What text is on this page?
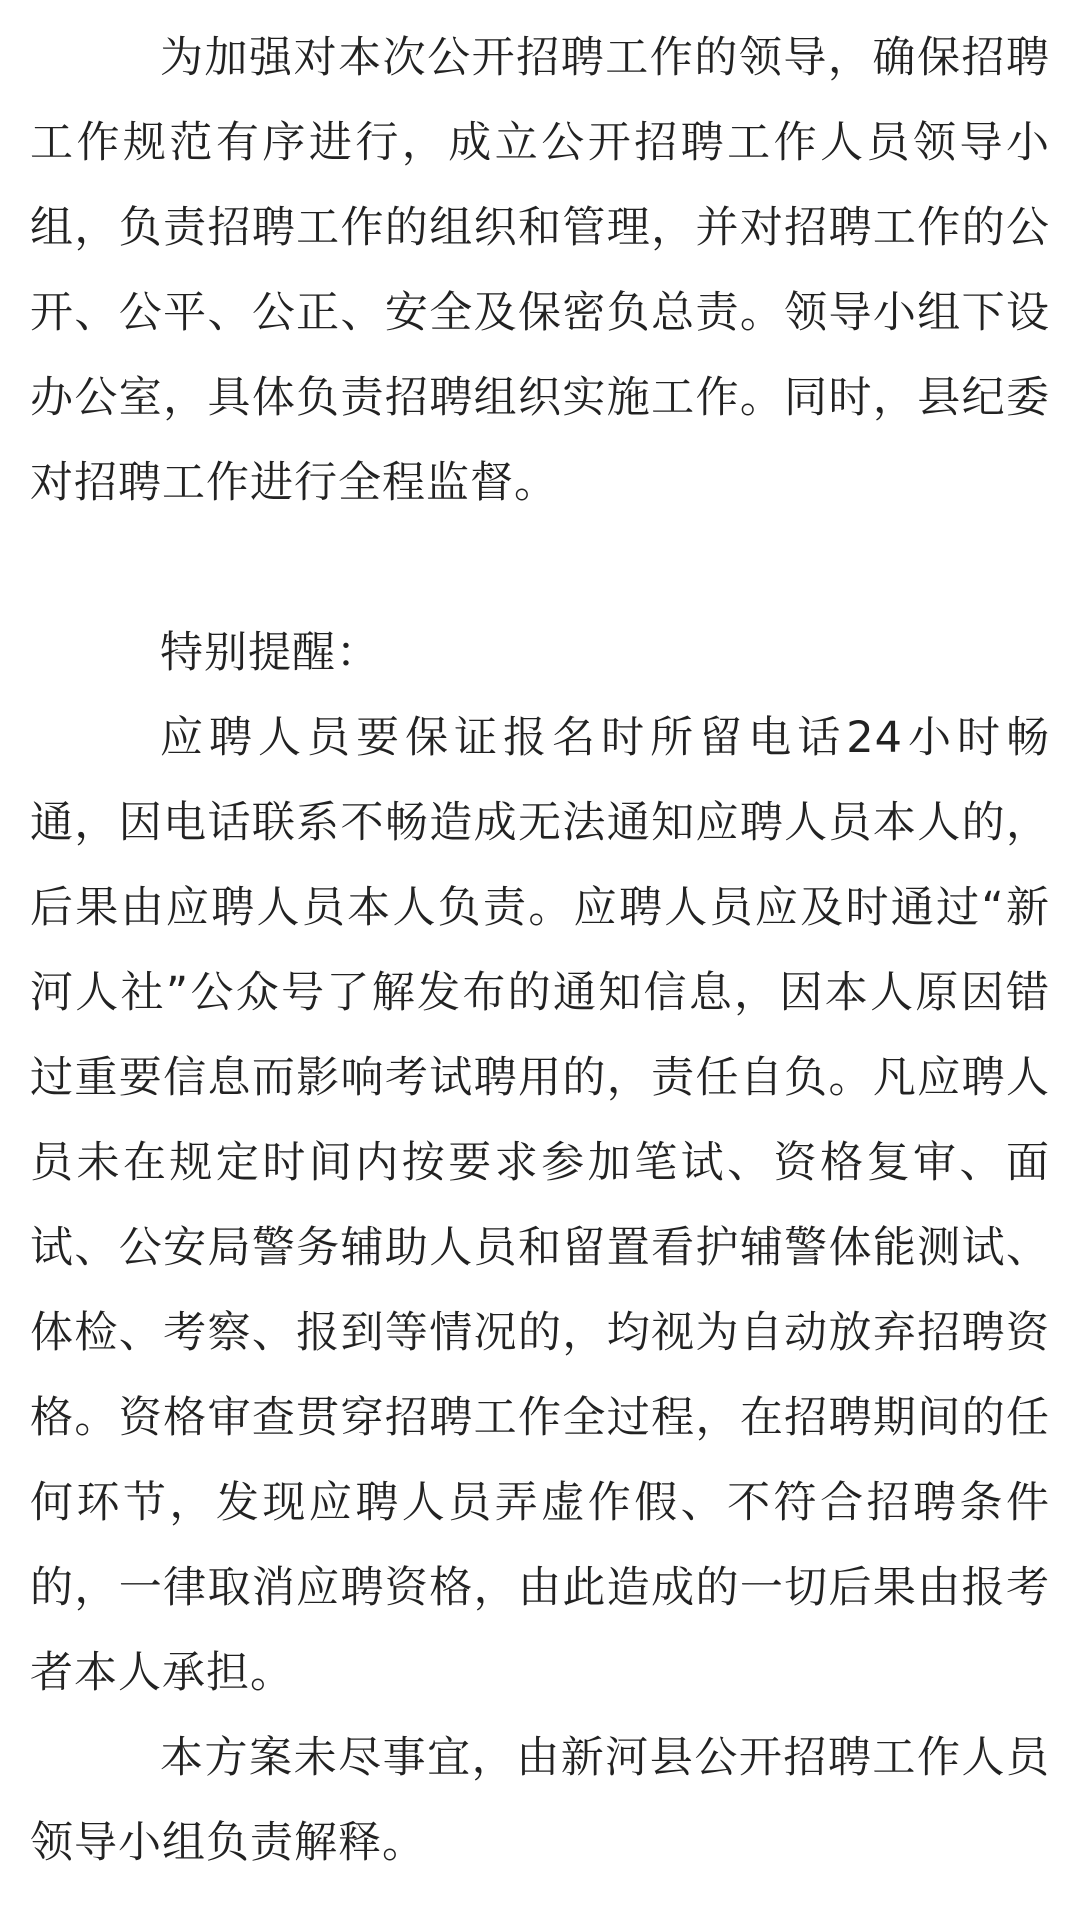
为加强对本次公开招聘工作的领导，确保招聘工作规范有序进行，成立公开招聘工作人员领导小组，负责招聘工作的组织和管理，并对招聘工作的公开、公平、公正、安全及保密负总责。领导小组下设办公室，具体负责招聘组织实施工作。同时，县纪委对招聘工作进行全程监督。

特别提醒：

应聘人员要保证报名时所留电话24小时畅通，因电话联系不畅造成无法通知应聘人员本人的，后果由应聘人员本人负责。应聘人员应及时通过“新河人社”公众号了解发布的通知信息，因本人原因错过重要信息而影响考试聘用的，责任自负。凡应聘人员未在规定时间内按要求参加笔试、资格复审、面试、公安局警务辅助人员和留置看护辅警体能测试、体检、考察、报到等情况的，均视为自动放弃招聘资格。资格审查贯穿招聘工作全过程，在招聘期间的任何环节，发现应聘人员弄虚作假、不符合招聘条件的，一律取消应聘资格，由此造成的一切后果由报考者本人承担。

本方案未尽事宜，由新河县公开招聘工作人员领导小组负责解释。
